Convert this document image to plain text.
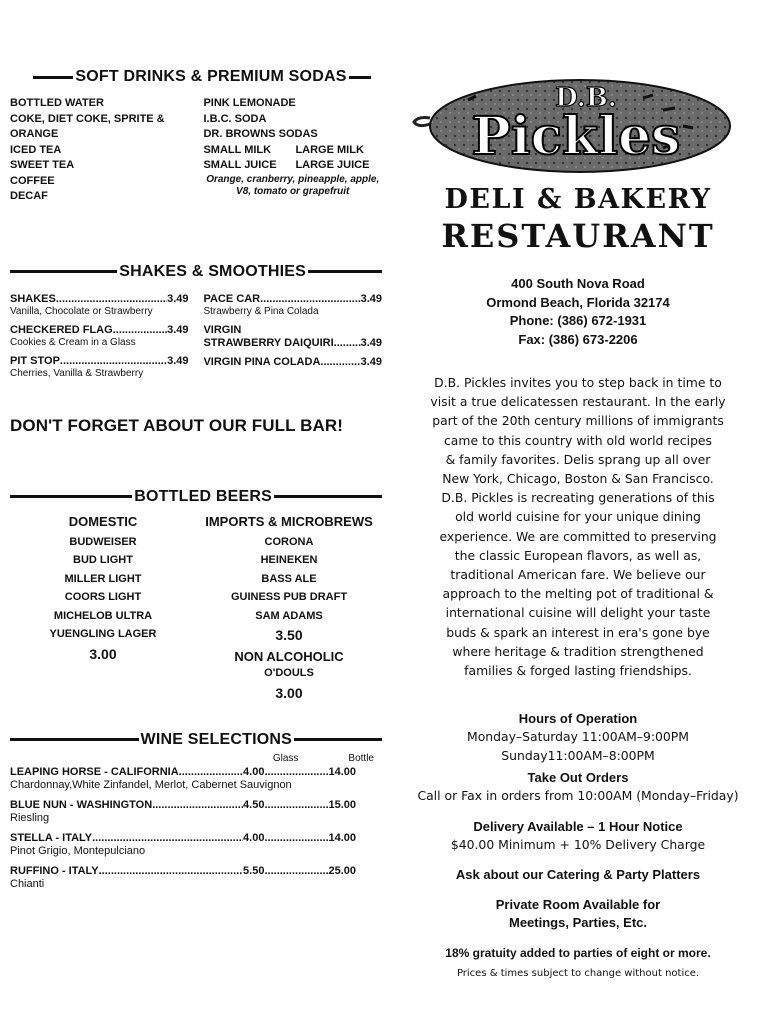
SOFT DRINKS & PREMIUM SODAS
BOTTLED WATER
COKE, DIET COKE, SPRITE &
ORANGE
ICED TEA
SWEET TEA
COFFEE
DECAF
PINK LEMONADE
I.B.C. SODA
DR. BROWNS SODAS
SMALL MILK	LARGE MILK
SMALL JUICE	LARGE JUICE
Orange, cranberry, pineapple, apple,
V8, tomato or grapefruit
SHAKES & SMOOTHIES
SHAKES .....	3.49
Vanilla, Chocolate or Strawberry
CHECKERED FLAG .....	3.49
Cookies & Cream in a Glass
PIT STOP .....	3.49
Cherries, Vanilla & Strawberry
PACE CAR .....	3.49
Strawberry & Pina Colada
VIRGIN
STRAWBERRY DAIQUIRI ..... 3.49
VIRGIN PINA COLADA .....	3.49
DON'T FORGET ABOUT OUR FULL BAR!
BOTTLED BEERS
DOMESTIC
BUDWEISER
BUD LIGHT
MILLER LIGHT
COORS LIGHT
MICHELOB ULTRA
YUENGLING LAGER
3.00
IMPORTS & MICROBREWS
CORONA
HEINEKEN
BASS ALE
GUINESS PUB DRAFT
SAM ADAMS
3.50
NON ALCOHOLIC
O'DOULS
3.00
WINE SELECTIONS
Glass	Bottle
LEAPING HORSE - CALIFORNIA .....	4.00 .....	14.00
Chardonnay,White Zinfandel, Merlot, Cabernet Sauvignon
BLUE NUN - WASHINGTON .....	4.50 .....	15.00
Riesling
STELLA - ITALY .....	4.00 .....	14.00
Pinot Grigio, Montepulciano
RUFFINO - ITALY .....	5.50 .....	25.00
Chianti
D.B.
Pickles
DELI & BAKERY
RESTAURANT
400 South Nova Road
Ormond Beach, Florida 32174
Phone: (386) 672-1931
Fax: (386) 673-2206
D.B. Pickles invites you to step back in time to
visit a true delicatessen restaurant. In the early
part of the 20th century millions of immigrants
came to this country with old world recipes
& family favorites. Delis sprang up all over
New York, Chicago, Boston & San Francisco.
D.B. Pickles is recreating generations of this
old world cuisine for your unique dining
experience. We are committed to preserving
the classic European flavors, as well as,
traditional American fare. We believe our
approach to the melting pot of traditional &
international cuisine will delight your taste
buds & spark an interest in era's gone bye
where heritage & tradition strengthened
families & forged lasting friendships.
Hours of Operation
Monday–Saturday 11:00AM–9:00PM
Sunday11:00AM–8:00PM
Take Out Orders
Call or Fax in orders from 10:00AM (Monday–Friday)
Delivery Available – 1 Hour Notice
$40.00 Minimum + 10% Delivery Charge
Ask about our Catering & Party Platters
Private Room Available for
Meetings, Parties, Etc.
18% gratuity added to parties of eight or more.
Prices & times subject to change without notice.
